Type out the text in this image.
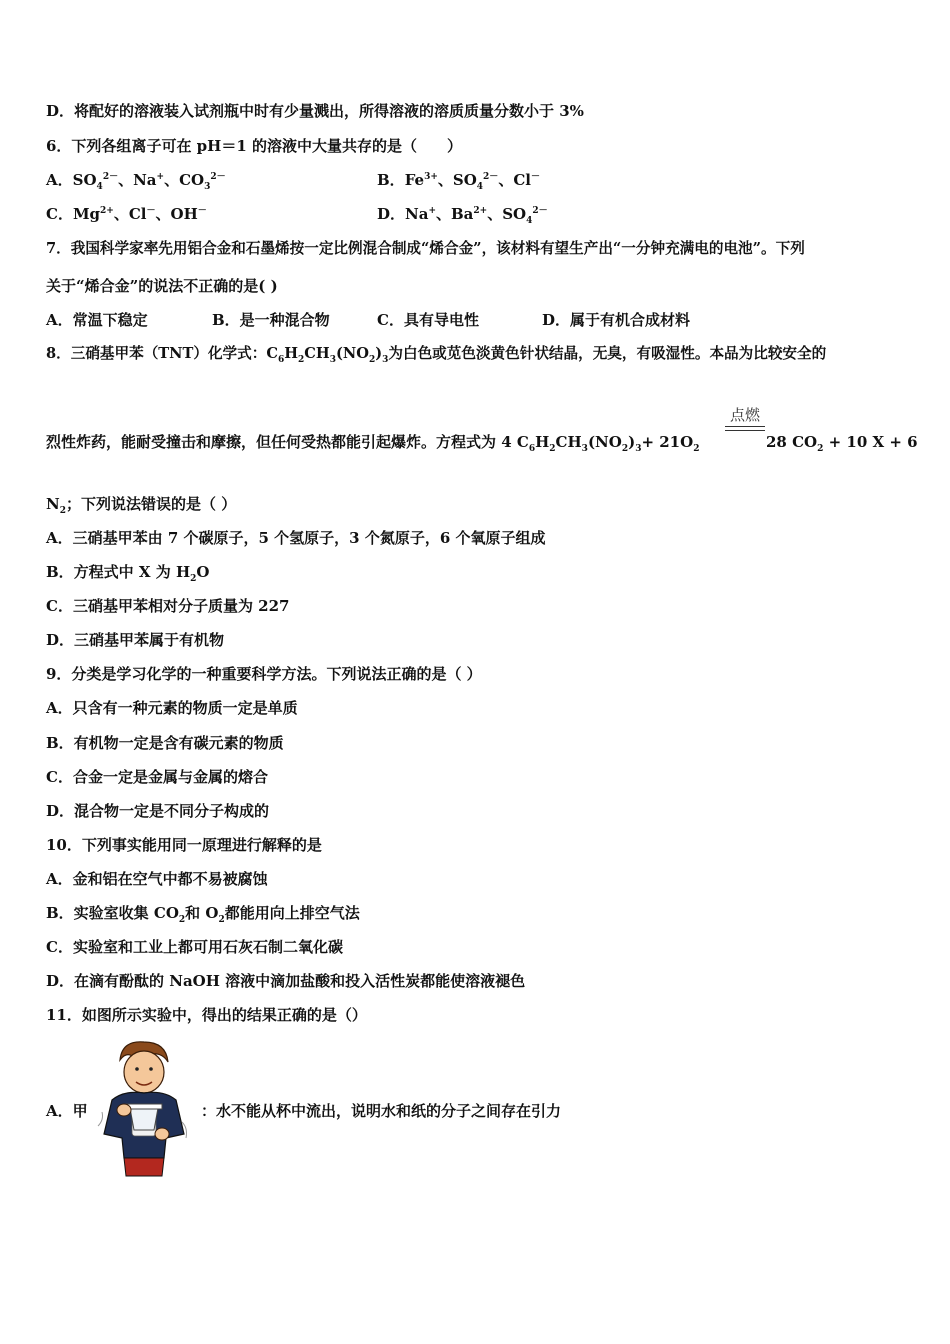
D．将配好的溶液装入试剂瓶中时有少量溅出，所得溶液的溶质质量分数小于 3%
6．下列各组离子可在 pH＝1 的溶液中大量共存的是（　　）
A．$SO_4^{2-}$、Na+、$CO_3^{2-}$	B．$Fe^{3+}$、$SO_4^{2-}$、Cl－
C．$Mg^{2+}$、Cl－、OH－	D．Na+、$Ba^{2+}$、$SO_4^{2-}$
7．我国科学家率先用铝合金和石墨烯按一定比例混合制成“烯合金”，该材料有望生产出“一分钟充满电的电池”。下列
关于“烯合金”的说法不正确的是( )
A．常温下稳定	B．是一种混合物	C．具有导电性	D．属于有机合成材料
8．三硝基甲苯（TNT）化学式：$C_6H_2CH_3(NO_2)_3$为白色或苋色淡黄色针状结晶，无臭，有吸湿性。本品为比较安全的
点燃
烈性炸药，能耐受撞击和摩擦，但任何受热都能引起爆炸。方程式为 4 $C_6H_2CH_3(NO_2)_3+ 21O_2$	28 $CO_2 + 10$ X + 6
$N_2$；下列说法错误的是（ ）
A．三硝基甲苯由 7 个碳原子，5 个氢原子，3 个氮原子，6 个氧原子组成
B．方程式中 X 为 $H_2O$
C．三硝基甲苯相对分子质量为 227
D．三硝基甲苯属于有机物
9．分类是学习化学的一种重要科学方法。下列说法正确的是（ ）
A．只含有一种元素的物质一定是单质
B．有机物一定是含有碳元素的物质
C．合金一定是金属与金属的熔合
D．混合物一定是不同分子构成的
10．下列事实能用同一原理进行解释的是
A．金和铝在空气中都不易被腐蚀
B．实验室收集 $CO_2$和 $O_2$都能用向上排空气法
C．实验室和工业上都可用石灰石制二氧化碳
D．在滴有酚酞的 NaOH 溶液中滴加盐酸和投入活性炭都能使溶液褪色
11．如图所示实验中，得出的结果正确的是（）
A．甲	：水不能从杯中流出，说明水和纸的分子之间存在引力
